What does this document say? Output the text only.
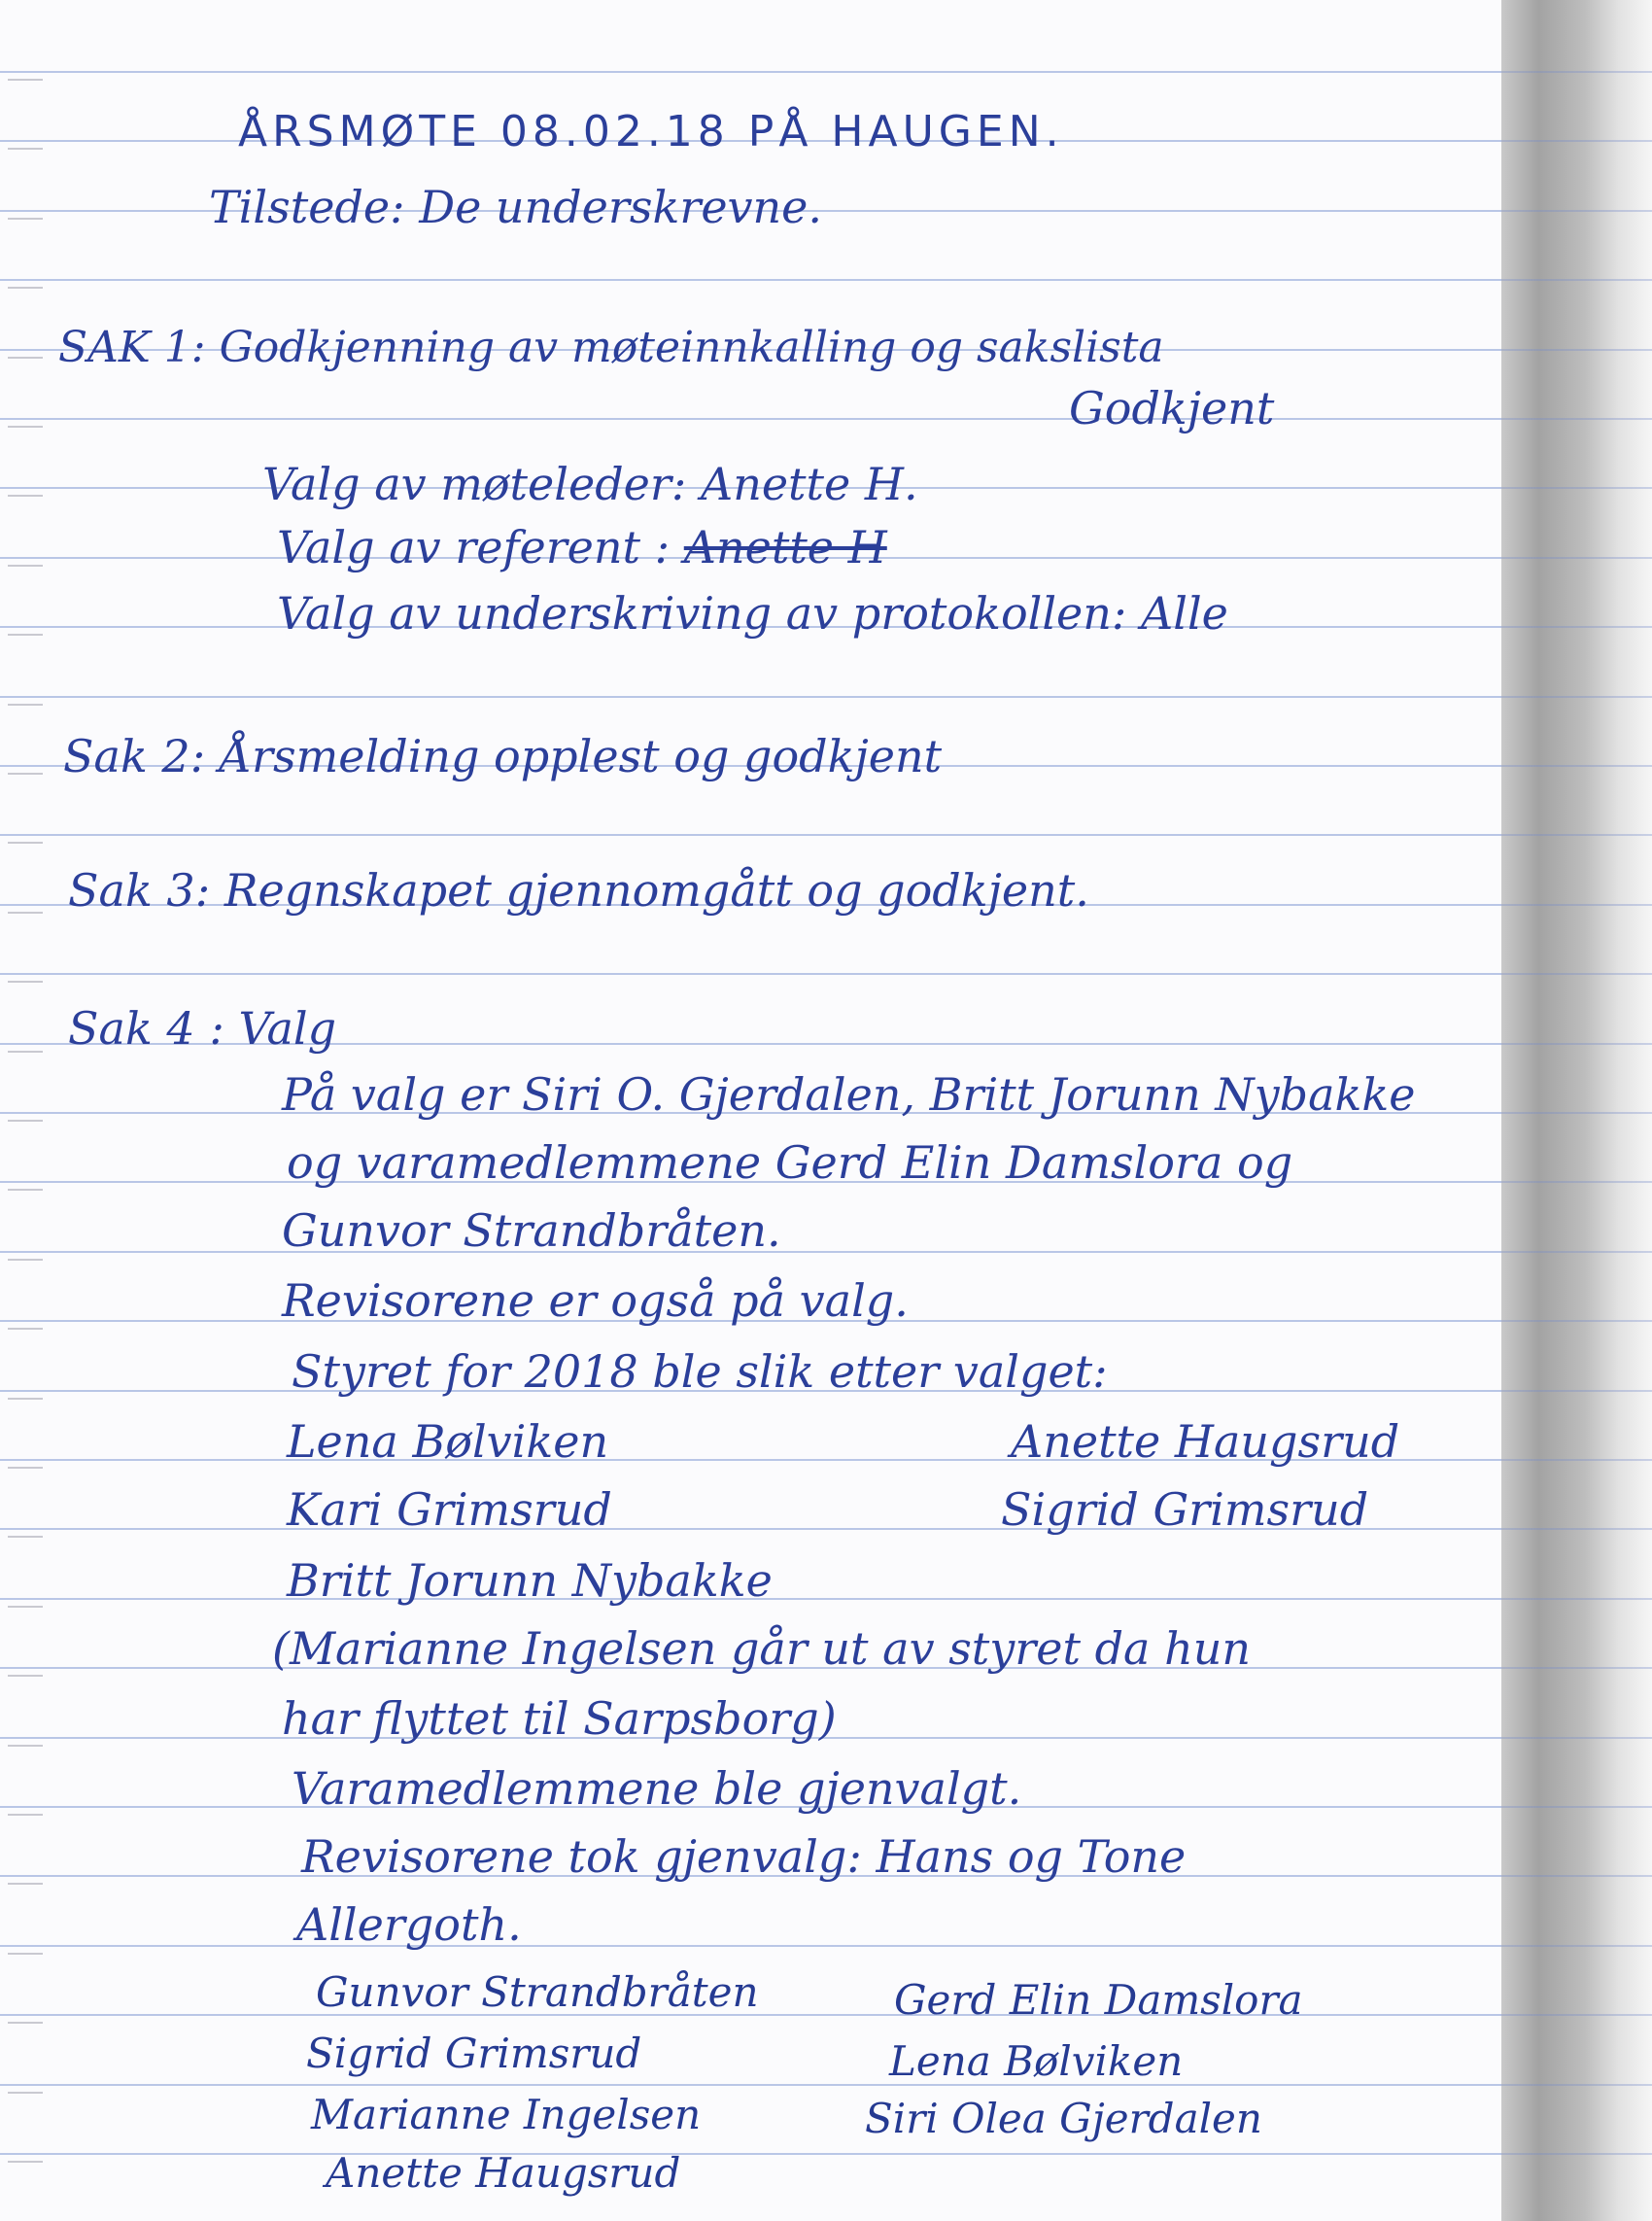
ÅRSMØTE 08.02.18 PÅ HAUGEN.

Tilstede: De underskrevne.

SAK 1: Godkjenning av møteinnkalling og sakslista

Godkjent

Valg av møteleder: Anette H.

Valg av referent : Anette H

Valg av underskriving av protokollen: Alle

Sak 2: Årsmelding opplest og godkjent

Sak 3: Regnskapet gjennomgått og godkjent.

Sak 4 : Valg

På valg er Siri O. Gjerdalen, Britt Jorunn Nybakke

og varamedlemmene Gerd Elin Damslora og

Gunvor Strandbråten.

Revisorene er også på valg.

Styret for 2018 ble slik etter valget:

Lena Bølviken

Kari Grimsrud

Britt Jorunn Nybakke

Anette Haugsrud

Sigrid Grimsrud

(Marianne Ingelsen går ut av styret da hun

har flyttet til Sarpsborg)

Varamedlemmene ble gjenvalgt.

Revisorene tok gjenvalg: Hans og Tone

Allergoth.

Gunvor Strandbråten

Sigrid Grimsrud

Marianne Ingelsen

Anette Haugsrud

Gerd Elin Damslora

Lena Bølviken

Siri Olea Gjerdalen
